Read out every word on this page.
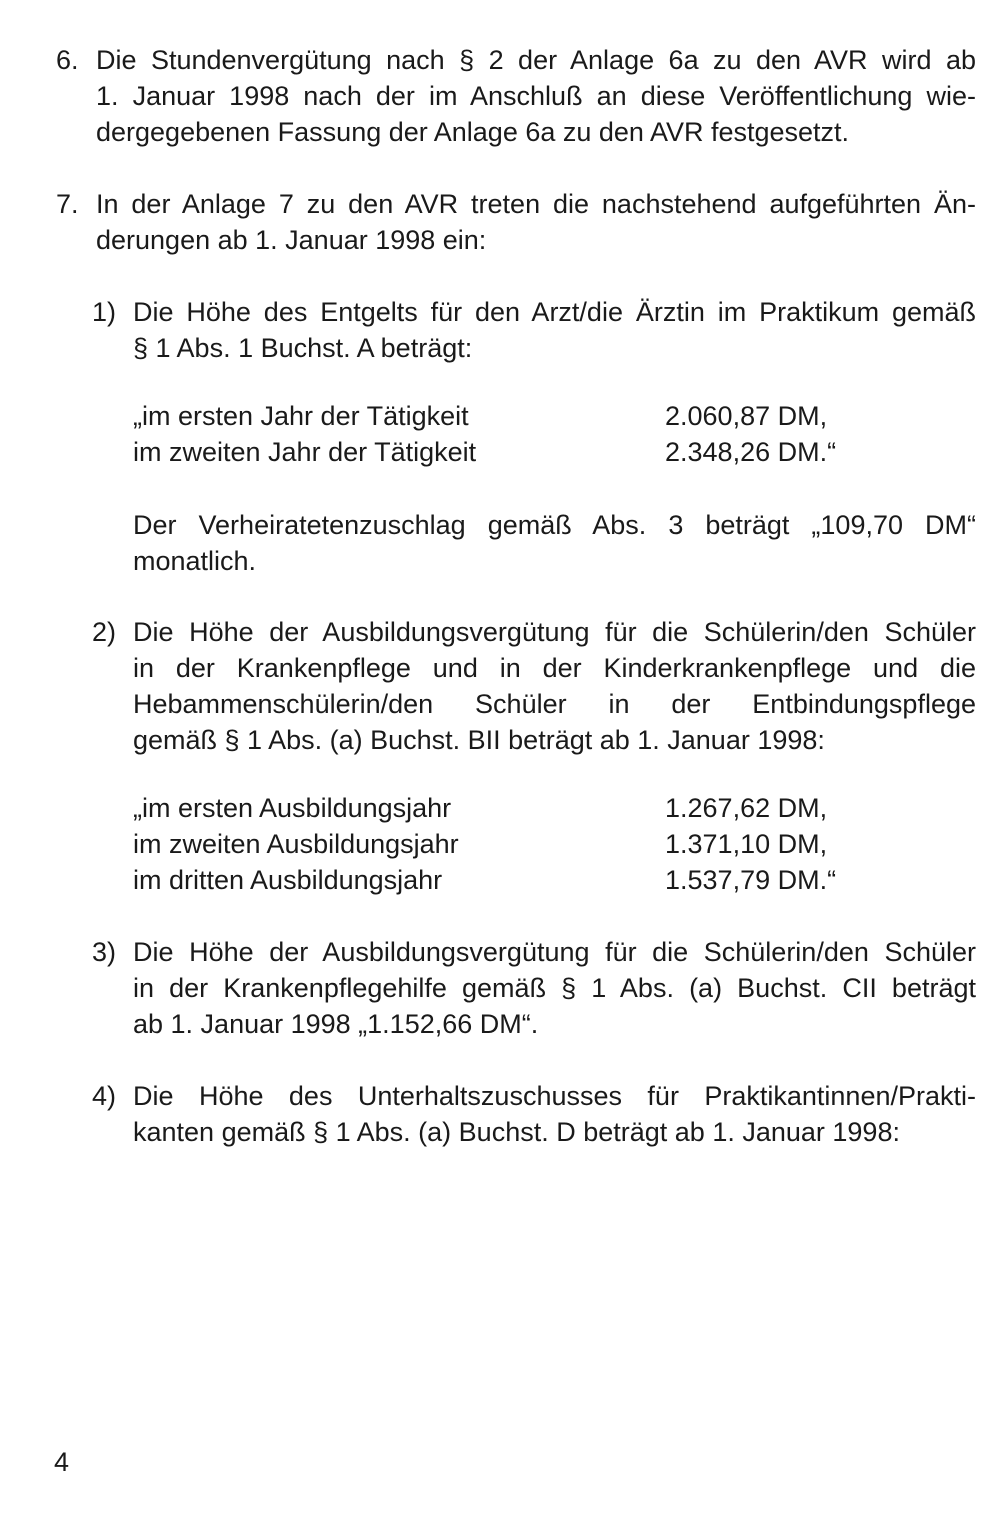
6. Die Stundenvergütung nach § 2 der Anlage 6a zu den AVR wird ab
1. Januar 1998 nach der im Anschluß an diese Veröffentlichung wie-
dergegebenen Fassung der Anlage 6a zu den AVR festgesetzt.
7. In der Anlage 7 zu den AVR treten die nachstehend aufgeführten Än-
derungen ab 1. Januar 1998 ein:
1) Die Höhe des Entgelts für den Arzt/die Ärztin im Praktikum gemäß
§ 1 Abs. 1 Buchst. A beträgt:
„im ersten Jahr der Tätigkeit	2.060,87 DM,
im zweiten Jahr der Tätigkeit	2.348,26 DM.“
Der Verheiratetenzuschlag gemäß Abs. 3 beträgt „109,70 DM“
monatlich.
2) Die Höhe der Ausbildungsvergütung für die Schülerin/den Schüler
in der Krankenpflege und in der Kinderkrankenpflege und die
Hebammenschülerin/den Schüler in der Entbindungspflege
gemäß § 1 Abs. (a) Buchst. BII beträgt ab 1. Januar 1998:
„im ersten Ausbildungsjahr	1.267,62 DM,
im zweiten Ausbildungsjahr	1.371,10 DM,
im dritten Ausbildungsjahr	1.537,79 DM.“
3) Die Höhe der Ausbildungsvergütung für die Schülerin/den Schüler
in der Krankenpflegehilfe gemäß § 1 Abs. (a) Buchst. CII beträgt
ab 1. Januar 1998 „1.152,66 DM“.
4) Die Höhe des Unterhaltszuschusses für Praktikantinnen/Prakti-
kanten gemäß § 1 Abs. (a) Buchst. D beträgt ab 1. Januar 1998:
4
